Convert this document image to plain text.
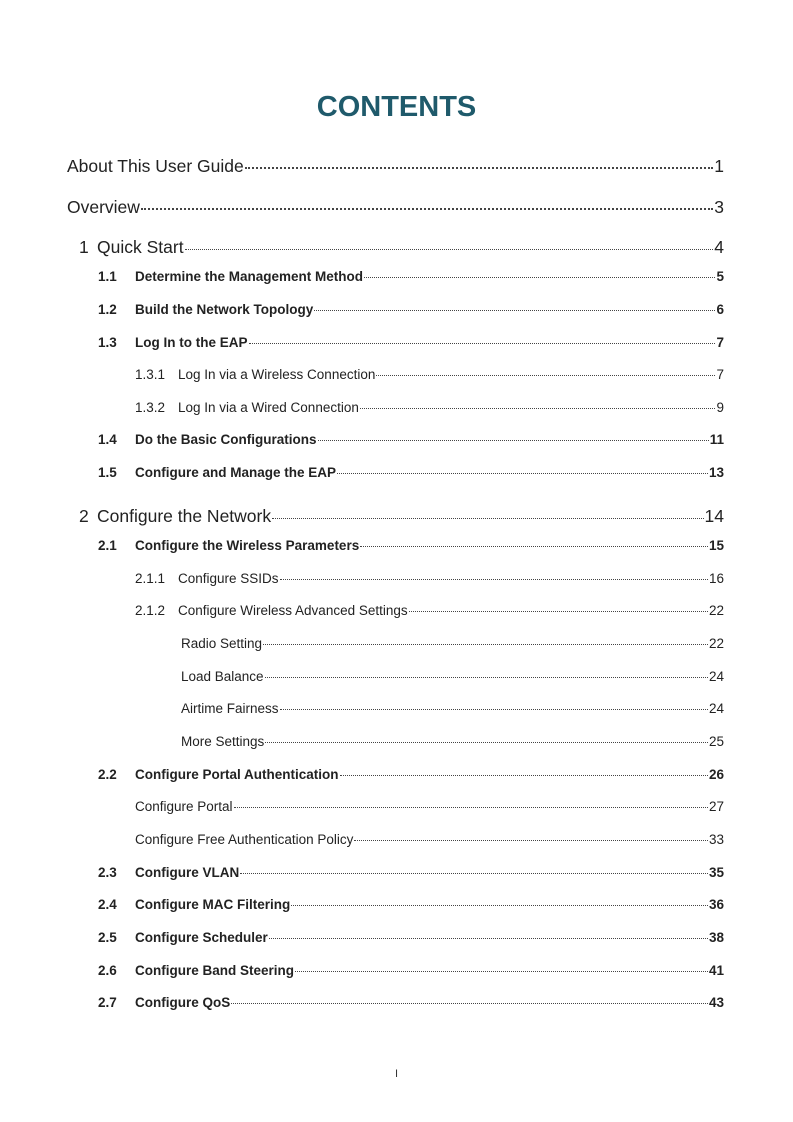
CONTENTS
About This User Guide	1
Overview	3
1 Quick Start	4
1.1	Determine the Management Method	5
1.2	Build the Network Topology	6
1.3	Log In to the EAP	7
1.3.1 Log In via a Wireless Connection	7
1.3.2 Log In via a Wired Connection	9
1.4	Do the Basic Configurations	11
1.5	Configure and Manage the EAP	13
2 Configure the Network	14
2.1	Configure the Wireless Parameters	15
2.1.1 Configure SSIDs	16
2.1.2 Configure Wireless Advanced Settings	22
Radio Setting	22
Load Balance	24
Airtime Fairness	24
More Settings	25
2.2	Configure Portal Authentication	26
Configure Portal	27
Configure Free Authentication Policy	33
2.3	Configure VLAN	35
2.4	Configure MAC Filtering	36
2.5	Configure Scheduler	38
2.6	Configure Band Steering	41
2.7	Configure QoS	43
I
